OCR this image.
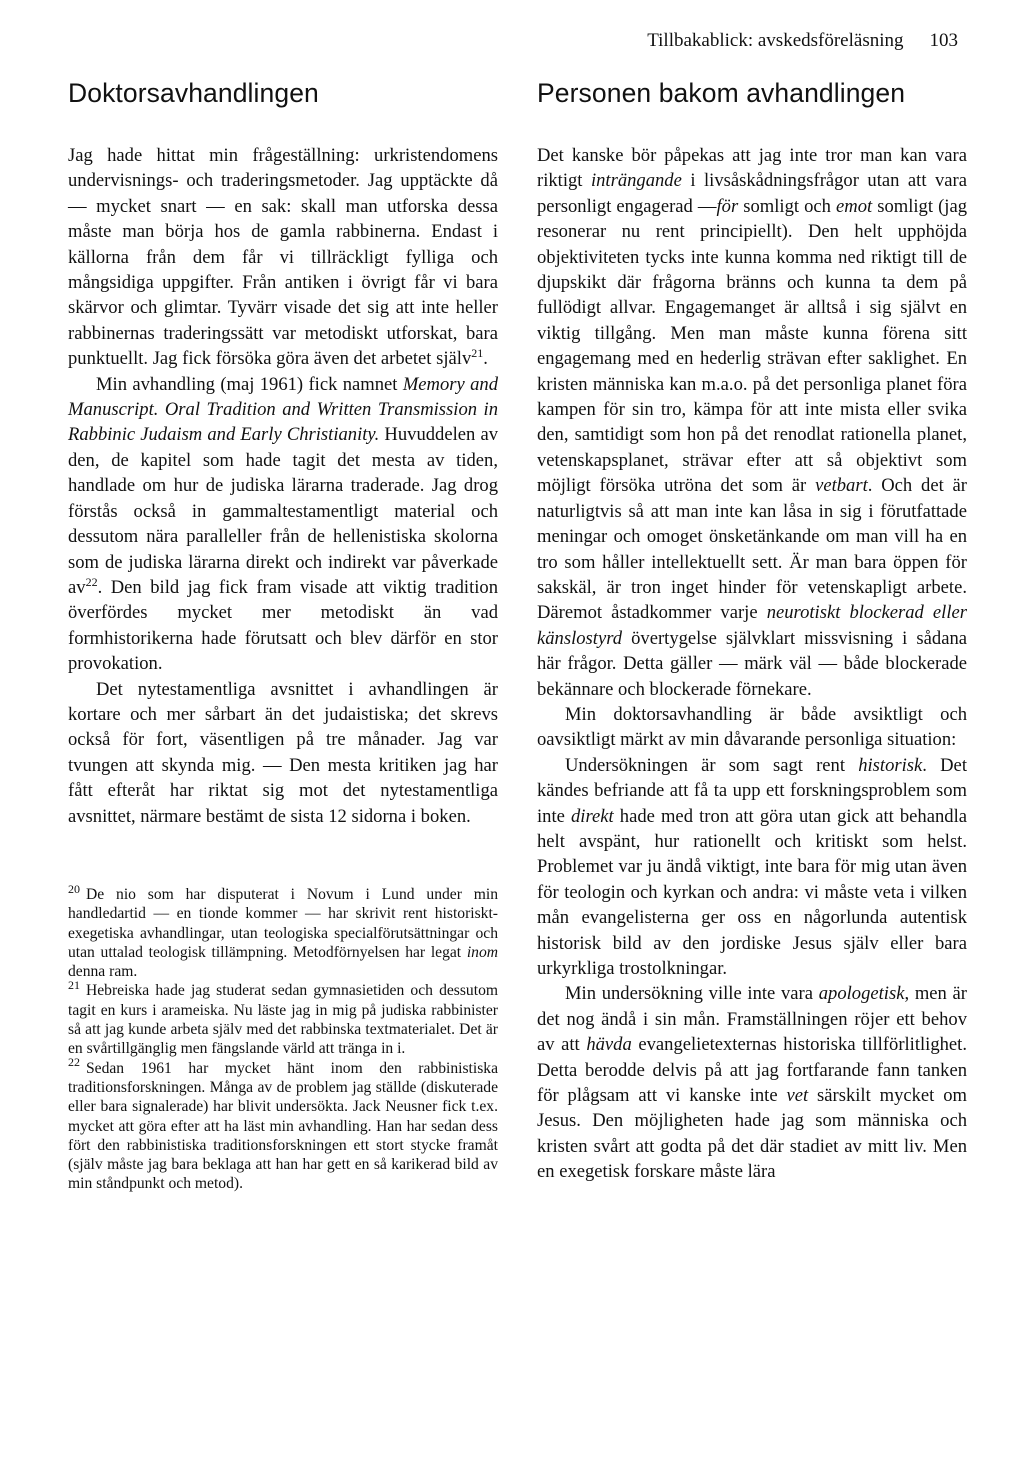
Tillbakablick: avskedsföreläsning 103
Doktorsavhandlingen

Jag hade hittat min frågeställning: urkristendomens undervisnings- och traderingsmetoder. Jag upptäckte då — mycket snart — en sak: skall man utforska dessa måste man börja hos de gamla rabbinerna. Endast i källorna från dem får vi tillräckligt fylliga och mångsidiga uppgifter. Från antiken i övrigt får vi bara skärvor och glimtar. Tyvärr visade det sig att inte heller rabbinernas traderingssätt var metodiskt utforskat, bara punktuellt. Jag fick försöka göra även det arbetet själv$^{21}$.

Min avhandling (maj 1961) fick namnet Memory and Manuscript. Oral Tradition and Written Transmission in Rabbinic Judaism and Early Christianity. Huvuddelen av den, de kapitel som hade tagit det mesta av tiden, handlade om hur de judiska lärarna traderade. Jag drog förstås också in gammaltestamentligt material och dessutom nära paralleller från de hellenistiska skolorna som de judiska lärarna direkt och indirekt var påverkade $av^{22}$. Den bild jag fick fram visade att viktig tradition överfördes mycket mer metodiskt än vad formhistorikerna hade förutsatt och blev därför en stor provokation.

Det nytestamentliga avsnittet i avhandlingen är kortare och mer sårbart än det judaistiska; det skrevs också för fort, väsentligen på tre månader. Jag var tvungen att skynda mig. — Den mesta kritiken jag har fått efteråt har riktat sig mot det nytestamentliga avsnittet, närmare bestämt de sista 12 sidorna i boken.

$^{20}$ De nio som har disputerat i Novum i Lund under min handledartid — en tionde kommer — har skrivit rent historiskt-exegetiska avhandlingar, utan teologiska specialförutsättningar och utan uttalad teologisk tillämpning. Metodförnyelsen har legat inom denna ram.

$^{21}$ Hebreiska hade jag studerat sedan gymnasietiden och dessutom tagit en kurs i arameiska. Nu läste jag in mig på judiska rabbinister så att jag kunde arbeta själv med det rabbinska textmaterialet. Det är en svårtillgänglig men fängslande värld att tränga in i.

$^{22}$ Sedan 1961 har mycket hänt inom den rabbinistiska traditionsforskningen. Många av de problem jag ställde (diskuterade eller bara signalerade) har blivit undersökta. Jack Neusner fick t.ex. mycket att göra efter att ha läst min avhandling. Han har sedan dess fört den rabbinistiska traditionsforskningen ett stort stycke framåt (själv måste jag bara beklaga att han har gett en så karikerad bild av min ståndpunkt och metod).

Personen bakom avhandlingen

Det kanske bör påpekas att jag inte tror man kan vara riktigt inträngande i livsåskådningsfrågor utan att vara personligt engagerad —för somligt och emot somligt (jag resonerar nu rent principiellt). Den helt upphöjda objektiviteten tycks inte kunna komma ned riktigt till de djupskikt där frågorna bränns och kunna ta dem på fullödigt allvar. Engagemanget är alltså i sig självt en viktig tillgång. Men man måste kunna förena sitt engagemang med en hederlig strävan efter saklighet. En kristen människa kan m.a.o. på det personliga planet föra kampen för sin tro, kämpa för att inte mista eller svika den, samtidigt som hon på det renodlat rationella planet, vetenskapsplanet, strävar efter att så objektivt som möjligt försöka utröna det som är vetbart. Och det är naturligtvis så att man inte kan låsa in sig i förutfattade meningar och omoget önsketänkande om man vill ha en tro som håller intellektuellt sett. Är man bara öppen för sakskäl, är tron inget hinder för vetenskapligt arbete. Däremot åstadkommer varje neurotiskt blockerad eller känslostyrd övertygelse självklart missvisning i sådana här frågor. Detta gäller — märk väl — både blockerade bekännare och blockerade förnekare.

Min doktorsavhandling är både avsiktligt och oavsiktligt märkt av min dåvarande personliga situation:

Undersökningen är som sagt rent historisk. Det kändes befriande att få ta upp ett forskningsproblem som inte direkt hade med tron att göra utan gick att behandla helt avspänt, hur rationellt och kritiskt som helst. Problemet var ju ändå viktigt, inte bara för mig utan även för teologin och kyrkan och andra: vi måste veta i vilken mån evangelisterna ger oss en någorlunda autentisk historisk bild av den jordiske Jesus själv eller bara urkyrkliga trostolkningar.

Min undersökning ville inte vara apologetisk, men är det nog ändå i sin mån. Framställningen röjer ett behov av att hävda evangelietexternas historiska tillförlitlighet. Detta berodde delvis på att jag fortfarande fann tanken för plågsam att vi kanske inte vet särskilt mycket om Jesus. Den möjligheten hade jag som människa och kristen svårt att godta på det där stadiet av mitt liv. Men en exegetisk forskare måste lära
